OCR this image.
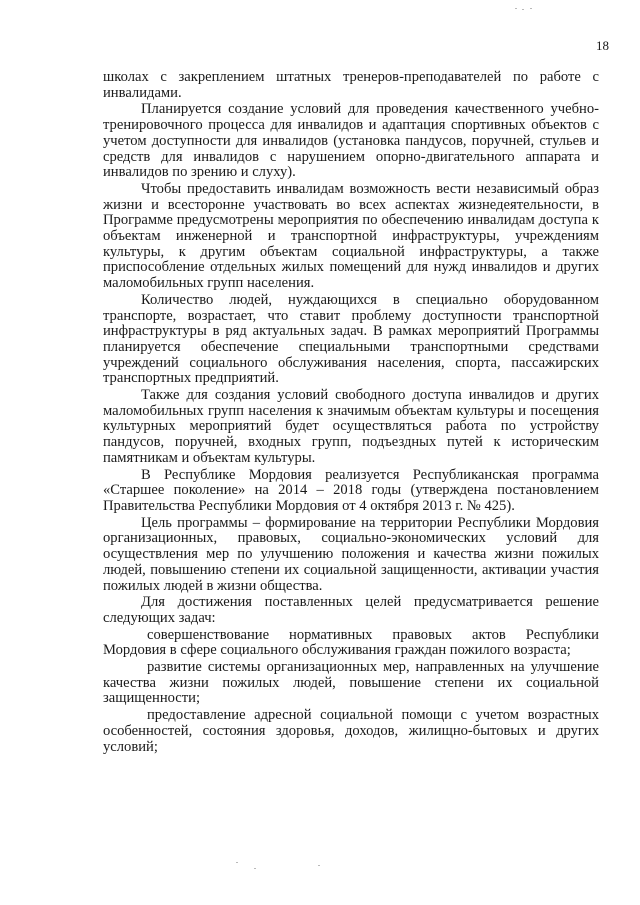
18

школах с закреплением штатных тренеров-преподавателей по работе с инвалидами.

Планируется создание условий для проведения качественного учебно-тренировочного процесса для инвалидов и адаптация спортивных объектов с учетом доступности для инвалидов (установка пандусов, поручней, стульев и средств для инвалидов с нарушением опорно-двигательного аппарата и инвалидов по зрению и слуху).

Чтобы предоставить инвалидам возможность вести независимый образ жизни и всесторонне участвовать во всех аспектах жизнедеятельности, в Программе предусмотрены мероприятия по обеспечению инвалидам доступа к объектам инженерной и транспортной инфраструктуры, учреждениям культуры, к другим объектам социальной инфраструктуры, а также приспособление отдельных жилых помещений для нужд инвалидов и других маломобильных групп населения.

Количество людей, нуждающихся в специально оборудованном транспорте, возрастает, что ставит проблему доступности транспортной инфраструктуры в ряд актуальных задач. В рамках мероприятий Программы планируется обеспечение специальными транспортными средствами учреждений социального обслуживания населения, спорта, пассажирских транспортных предприятий.

Также для создания условий свободного доступа инвалидов и других маломобильных групп населения к значимым объектам культуры и посещения культурных мероприятий будет осуществляться работа по устройству пандусов, поручней, входных групп, подъездных путей к историческим памятникам и объектам культуры.

В Республике Мордовия реализуется Республиканская программа «Старшее поколение» на 2014 – 2018 годы (утверждена постановлением Правительства Республики Мордовия от 4 октября 2013 г. № 425).

Цель программы – формирование на территории Республики Мордовия организационных, правовых, социально-экономических условий для осуществления мер по улучшению положения и качества жизни пожилых людей, повышению степени их социальной защищенности, активации участия пожилых людей в жизни общества.

Для достижения поставленных целей предусматривается решение следующих задач:

совершенствование нормативных правовых актов Республики Мордовия в сфере социального обслуживания граждан пожилого возраста;

развитие системы организационных мер, направленных на улучшение качества жизни пожилых людей, повышение степени их социальной защищенности;

предоставление адресной социальной помощи с учетом возрастных особенностей, состояния здоровья, доходов, жилищно-бытовых и других условий;
